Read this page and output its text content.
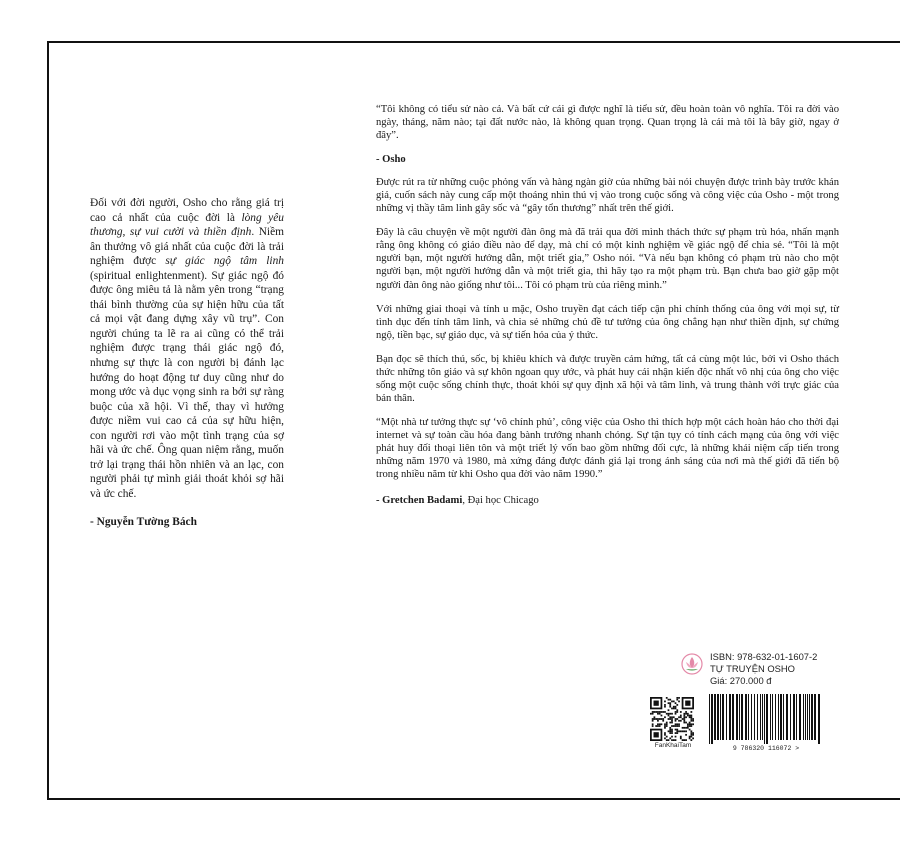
Đối với đời người, Osho cho rằng giá trị cao cả nhất của cuộc đời là lòng yêu thương, sự vui cười và thiền định. Niềm ân thưởng vô giá nhất của cuộc đời là trải nghiệm được sự giác ngộ tâm linh (spiritual enlightenment). Sự giác ngộ đó được ông miêu tả là nằm yên trong “trạng thái bình thường của sự hiện hữu của tất cả mọi vật đang dựng xây vũ trụ”. Con người chúng ta lẽ ra ai cũng có thể trải nghiệm được trạng thái giác ngộ đó, nhưng sự thực là con người bị đánh lạc hướng do hoạt động tư duy cũng như do mong ước và dục vọng sinh ra bởi sự ràng buộc của xã hội. Vì thế, thay vì hưởng được niềm vui cao cả của sự hữu hiện, con người rơi vào một tình trạng của sợ hãi và ức chế. Ông quan niệm rằng, muốn trở lại trạng thái hồn nhiên và an lạc, con người phải tự mình giải thoát khỏi sợ hãi và ức chế.

- Nguyễn Tường Bách

“Tôi không có tiểu sử nào cả. Và bất cứ cái gì được nghĩ là tiểu sử, đều hoàn toàn vô nghĩa. Tôi ra đời vào ngày, tháng, năm nào; tại đất nước nào, là không quan trọng. Quan trọng là cái mà tôi là bây giờ, ngay ở đây”.

- Osho

Được rút ra từ những cuộc phỏng vấn và hàng ngàn giờ của những bài nói chuyện được trình bày trước khán giả, cuốn sách này cung cấp một thoáng nhìn thú vị vào trong cuộc sống và công việc của Osho - một trong những vị thầy tâm linh gây sốc và “gây tổn thương” nhất trên thế giới.

Đây là câu chuyện về một người đàn ông mà đã trải qua đời mình thách thức sự phạm trù hóa, nhấn mạnh rằng ông không có giáo điều nào để dạy, mà chỉ có một kinh nghiệm về giác ngộ để chia sẻ. “Tôi là một người bạn, một người hướng dẫn, một triết gia,” Osho nói. “Và nếu bạn không có phạm trù nào cho một người bạn, một người hướng dẫn và một triết gia, thì hãy tạo ra một phạm trù. Bạn chưa bao giờ gặp một người đàn ông nào giống như tôi... Tôi có phạm trù của riêng mình.”

Với những giai thoại và tính u mặc, Osho truyền đạt cách tiếp cận phi chính thống của ông với mọi sự, từ tình dục đến tính tâm linh, và chia sẻ những chủ đề tư tưởng của ông chẳng hạn như thiền định, sự chứng ngộ, tiền bạc, sự giáo dục, và sự tiến hóa của ý thức.

Bạn đọc sẽ thích thú, sốc, bị khiêu khích và được truyền cảm hứng, tất cả cùng một lúc, bởi vì Osho thách thức những tôn giáo và sự khôn ngoan quy ước, và phát huy cái nhận kiến độc nhất vô nhị của ông cho việc sống một cuộc sống chính thực, thoát khỏi sự quy định xã hội và tâm linh, và trung thành với trực giác của bản thân.

“Một nhà tư tưởng thực sự ‘vô chính phủ’, công việc của Osho thì thích hợp một cách hoàn hảo cho thời đại internet và sự toàn cầu hóa đang bành trướng nhanh chóng. Sự tận tụy có tính cách mạng của ông với việc phát huy đối thoại liên tôn và một triết lý vốn bao gồm những đối cực, là những khái niệm cấp tiến trong những năm 1970 và 1980, mà xứng đáng được đánh giá lại trong ánh sáng của nơi mà thế giới đã tiến bộ trong nhiều năm từ khi Osho qua đời vào năm 1990.”

- Gretchen Badami, Đại học Chicago
ISBN: 978-632-01-1607-2
TỰ TRUYỆN OSHO
Giá: 270.000 đ
FanKhaiTam	9 786320 116072 >
